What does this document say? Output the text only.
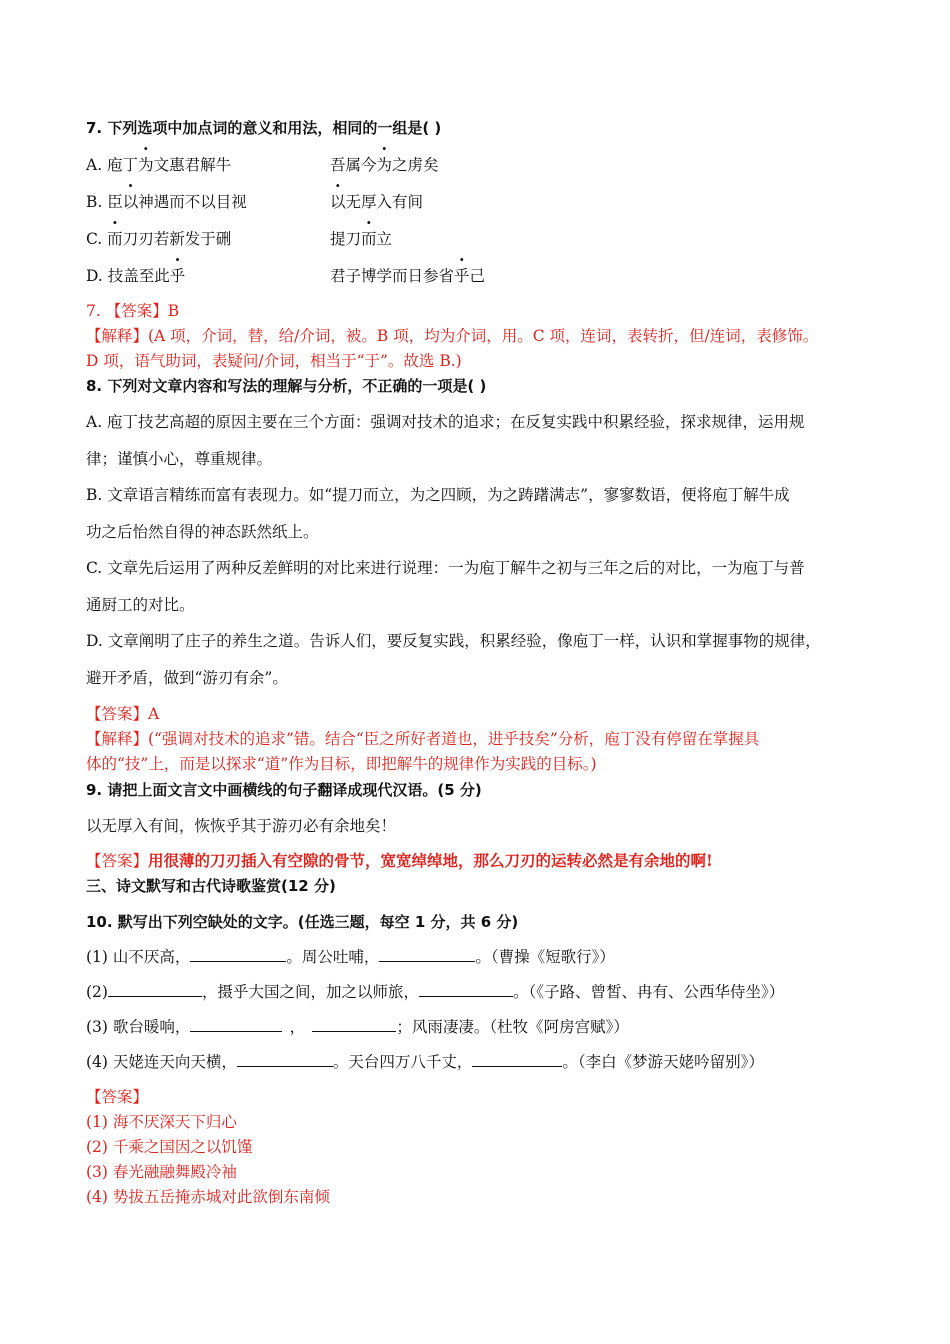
7. 下列选项中加点词的意义和用法，相同的一组是( )
A. 庖丁为文惠君解牛	吾属今为之虏矣
B. 臣以神遇而不以目视	以无厚入有间
C. 而刀刃若新发于硎	提刀而立
D. 技盖至此乎	君子博学而日参省乎己
7. 【答案】B
【解释】(A 项，介词，替，给/介词，被。B 项，均为介词，用。C 项，连词，表转折，但/连词，表修饰。
D 项，语气助词，表疑问/介词，相当于“于”。故选 B.)
8. 下列对文章内容和写法的理解与分析，不正确的一项是( )
A. 庖丁技艺高超的原因主要在三个方面：强调对技术的追求；在反复实践中积累经验，探求规律，运用规
律；谨慎小心，尊重规律。
B. 文章语言精练而富有表现力。如“提刀而立，为之四顾，为之踌躇满志”，寥寥数语，便将庖丁解牛成
功之后怡然自得的神态跃然纸上。
C. 文章先后运用了两种反差鲜明的对比来进行说理：一为庖丁解牛之初与三年之后的对比，一为庖丁与普
通厨工的对比。
D. 文章阐明了庄子的养生之道。告诉人们，要反复实践，积累经验，像庖丁一样，认识和掌握事物的规律，
避开矛盾，做到“游刃有余”。
【答案】A
【解释】(“强调对技术的追求”错。结合“臣之所好者道也，进乎技矣”分析，庖丁没有停留在掌握具
体的“技”上，而是以探求“道”作为目标，即把解牛的规律作为实践的目标。)
9. 请把上面文言文中画横线的句子翻译成现代汉语。(5 分)
以无厚入有间，恢恢乎其于游刃必有余地矣！
【答案】用很薄的刀刃插入有空隙的骨节，宽宽绰绰地，那么刀刃的运转必然是有余地的啊!
三、诗文默写和古代诗歌鉴赏(12 分)
10. 默写出下列空缺处的文字。(任选三题，每空 1 分，共 6 分)
(1) 山不厌高，	。周公吐哺，	。（曹操《短歌行》）
(2)	，摄乎大国之间，加之以师旅，	。（《子路、曾皙、冉有、公西华侍坐》）
(3) 歌台暖响，	，	；风雨凄凄。（杜牧《阿房宫赋》）
(4) 天姥连天向天横，	。天台四万八千丈，	。（李白《梦游天姥吟留别》）
【答案】
(1) 海不厌深天下归心
(2) 千乘之国因之以饥馑
(3) 春光融融舞殿冷袖
(4) 势拔五岳掩赤城对此欲倒东南倾
